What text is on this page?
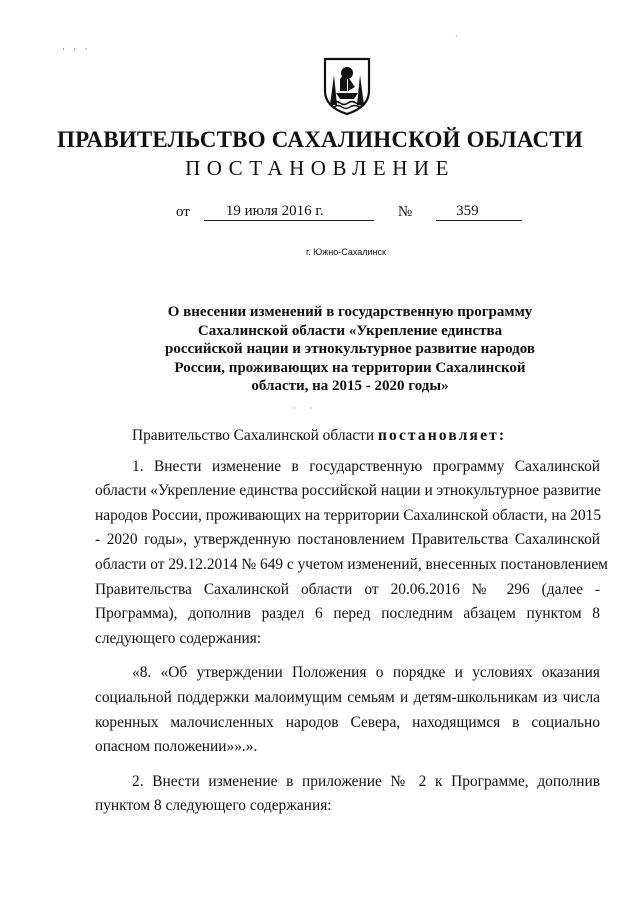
· · ·
·
· ·
ПРАВИТЕЛЬСТВО САХАЛИНСКОЙ ОБЛАСТИ
ПОСТАНОВЛЕНИЕ
от	19 июля 2016 г.	№	359
г. Южно-Сахалинск
О внесении изменений в государственную программу
Сахалинской области «Укрепление единства
российской нации и этнокультурное развитие народов
России, проживающих на территории Сахалинской
области, на 2015 - 2020 годы»

Правительство Сахалинской области постановляет:

1. Внести изменение в государственную программу Сахалинской
области «Укрепление единства российской нации и этнокультурное развитие
народов России, проживающих на территории Сахалинской области, на 2015
- 2020 годы», утвержденную постановлением Правительства Сахалинской
области от 29.12.2014 № 649 с учетом изменений, внесенных постановлением
Правительства Сахалинской области от 20.06.2016 № 296 (далее -
Программа), дополнив раздел 6 перед последним абзацем пунктом 8
следующего содержания:
«8. «Об утверждении Положения о порядке и условиях оказания
социальной поддержки малоимущим семьям и детям-школьникам из числа
коренных малочисленных народов Севера, находящимся в социально
опасном положении»».».
2. Внести изменение в приложение № 2 к Программе, дополнив
пунктом 8 следующего содержания:
